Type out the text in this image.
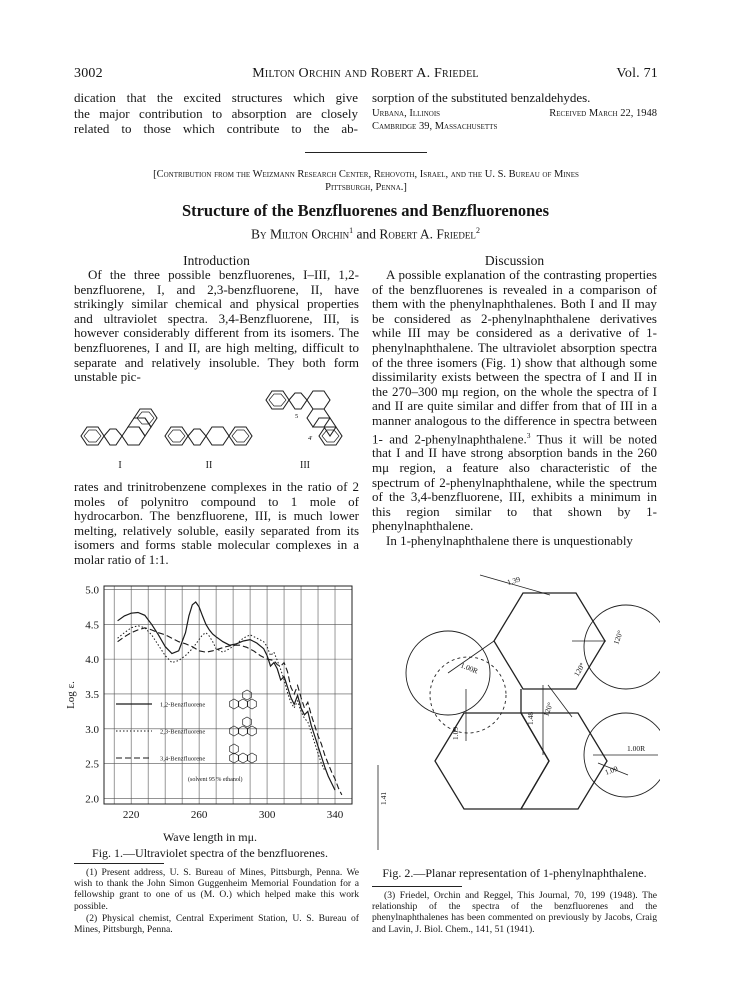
3002	Milton Orchin and Robert A. Friedel	Vol. 71
dication that the excited structures which give
the major contribution to absorption are closely
related to those which contribute to the ab-
sorption of the substituted benzaldehydes.
Urbana, Illinois	Received March 22, 1948
Cambridge 39, Massachusetts
[Contribution from the Weizmann Research Center, Rehovoth, Israel, and the U. S. Bureau of Mines
Pittsburgh, Penna.]
Structure of the Benzfluorenes and Benzfluorenones
By Milton Orchin$^1$ and Robert A. Friedel$^2$
Introduction

Of the three possible benzfluorenes, I–III, 1,2-benzfluorene, I, and 2,3-benzfluorene, II, have strikingly similar chemical and physical properties and ultraviolet spectra. 3,4-Benzfluorene, III, is however considerably different from its isomers. The benzfluorenes, I and II, are high melting, difficult to separate and relatively insoluble. They both form unstable pic-

I	II	III
5
4'

rates and trinitrobenzene complexes in the ratio of 2 moles of polynitro compound to 1 mole of hydrocarbon. The benzfluorene, III, is much lower melting, relatively soluble, easily separated from its isomers and forms stable molecular complexes in a molar ratio of 1:1.

Discussion

A possible explanation of the contrasting properties of the benzfluorenes is revealed in a comparison of them with the phenylnaphthalenes. Both I and II may be considered as 2-phenylnaphthalene derivatives while III may be considered as a derivative of 1-phenylnaphthalene. The ultraviolet absorption spectra of the three isomers (Fig. 1) show that although some dissimilarity exists between the spectra of I and II in the 270–300 mμ region, on the whole the spectra of I and II are quite similar and differ from that of III in a manner analogous to the difference in spectra between 1- and 2-phenylnaphthalene.$^3$ Thus it will be noted that I and II have strong absorption bands in the 260 mμ region, a feature also characteristic of the spectrum of 2-phenylnaphthalene, while the spectrum of the 3,4-benzfluorene, III, exhibits a minimum in this region similar to that shown by 1-phenylnaphthalene.

In 1-phenylnaphthalene there is unquestionably

2.0
2.5
3.0
3.5
4.0
4.5
5.0
220	260	300	340
Log ε.	1,2-Benzfluorene
2,3-Benzfluorene
3,4-Benzfluorene
(solvent 95 % ethanol)
Wave length in mμ.
Fig. 1.—Ultraviolet spectra of the benzfluorenes.
1.39
1.48
1.09
1.41
1.00R
1.00R
1.09
120°
120°
120°
Fig. 2.—Planar representation of 1-phenylnaphthalene.

(1) Present address, U. S. Bureau of Mines, Pittsburgh, Penna. We wish to thank the John Simon Guggenheim Memorial Foundation for a fellowship grant to one of us (M. O.) which helped make this work possible.

(2) Physical chemist, Central Experiment Station, U. S. Bureau of Mines, Pittsburgh, Penna.

(3) Friedel, Orchin and Reggel, This Journal, 70, 199 (1948). The relationship of the spectra of the benzfluorenes and the phenylnaphthalenes has been commented on previously by Jacobs, Craig and Lavin, J. Biol. Chem., 141, 51 (1941).
